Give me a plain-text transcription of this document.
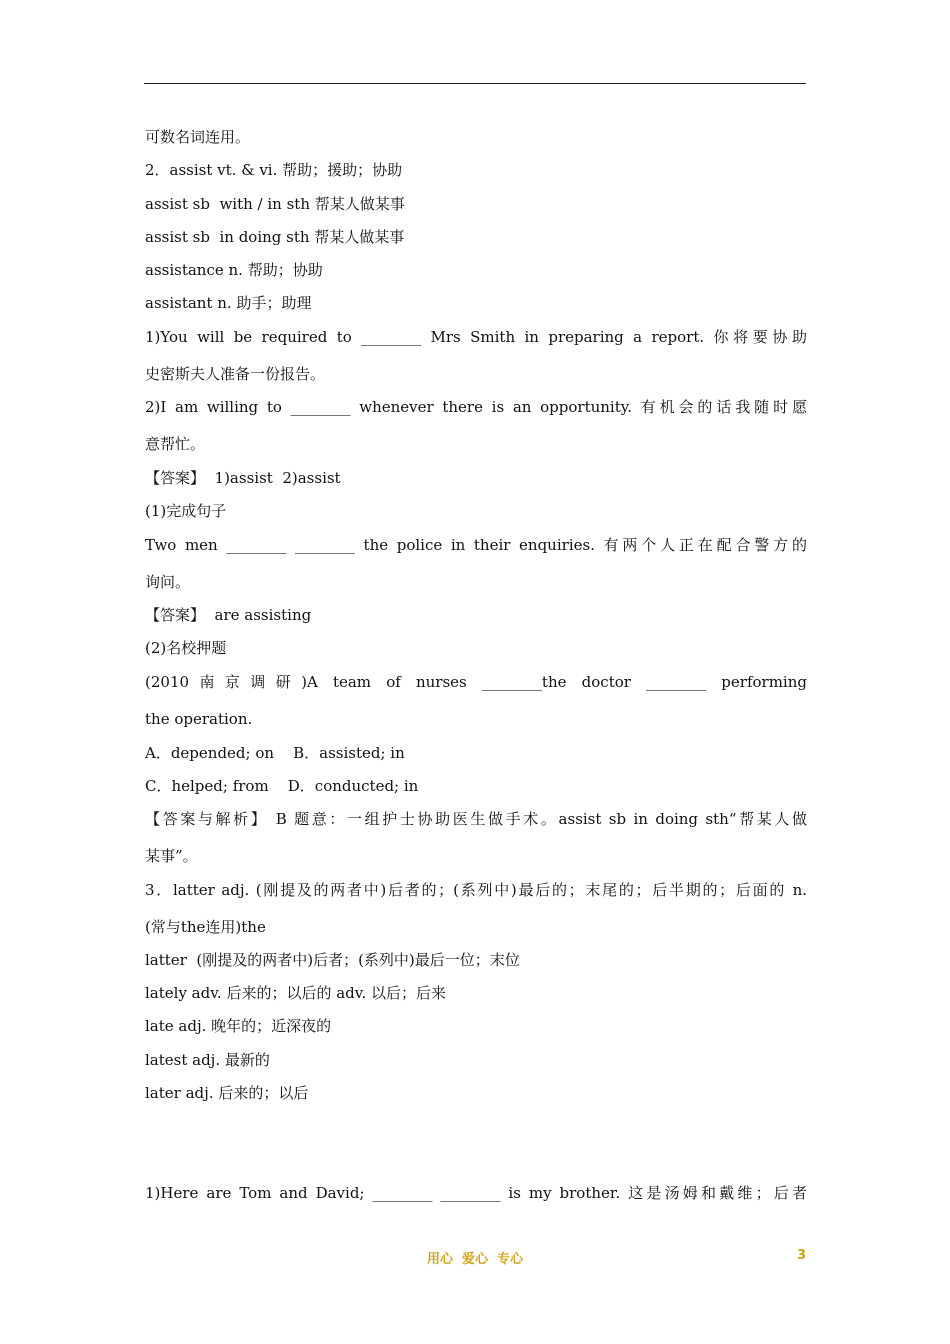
可数名词连用。
2．assist vt. & vi. 帮助；援助；协助
assist sb  with / in sth 帮某人做某事
assist sb  in doing sth 帮某人做某事
assistance n. 帮助；协助
assistant n. 助手；助理
1)You will be required to ________ Mrs Smith in preparing a report. 你将要协助
史密斯夫人准备一份报告。
2)I am willing to ________ whenever there is an opportunity. 有机会的话我随时愿
意帮忙。
【答案】  1)assist  2)assist
(1)完成句子
Two men ________ ________ the police in their enquiries. 有两个人正在配合警方的
询问。
【答案】  are assisting
(2)名校押题
(2010南京调研)A team of nurses ________the doctor ________ performing
the operation.
A．depended; on    B．assisted; in
C．helped; from    D．conducted; in
【答案与解析】 B 题意：一组护士协助医生做手术。assist sb in doing sth“帮某人做
某事”。
3．latter adj. (刚提及的两者中)后者的；(系列中)最后的；末尾的；后半期的；后面的 n.
(常与the连用)the
latter  (刚提及的两者中)后者；(系列中)最后一位；末位
lately adv. 后来的；以后的 adv. 以后；后来
late adj. 晚年的；近深夜的
latest adj. 最新的
later adj. 后来的；以后
1)Here are Tom and David; ________ ________ is my brother. 这是汤姆和戴维；后者
用心  爱心  专心	3
